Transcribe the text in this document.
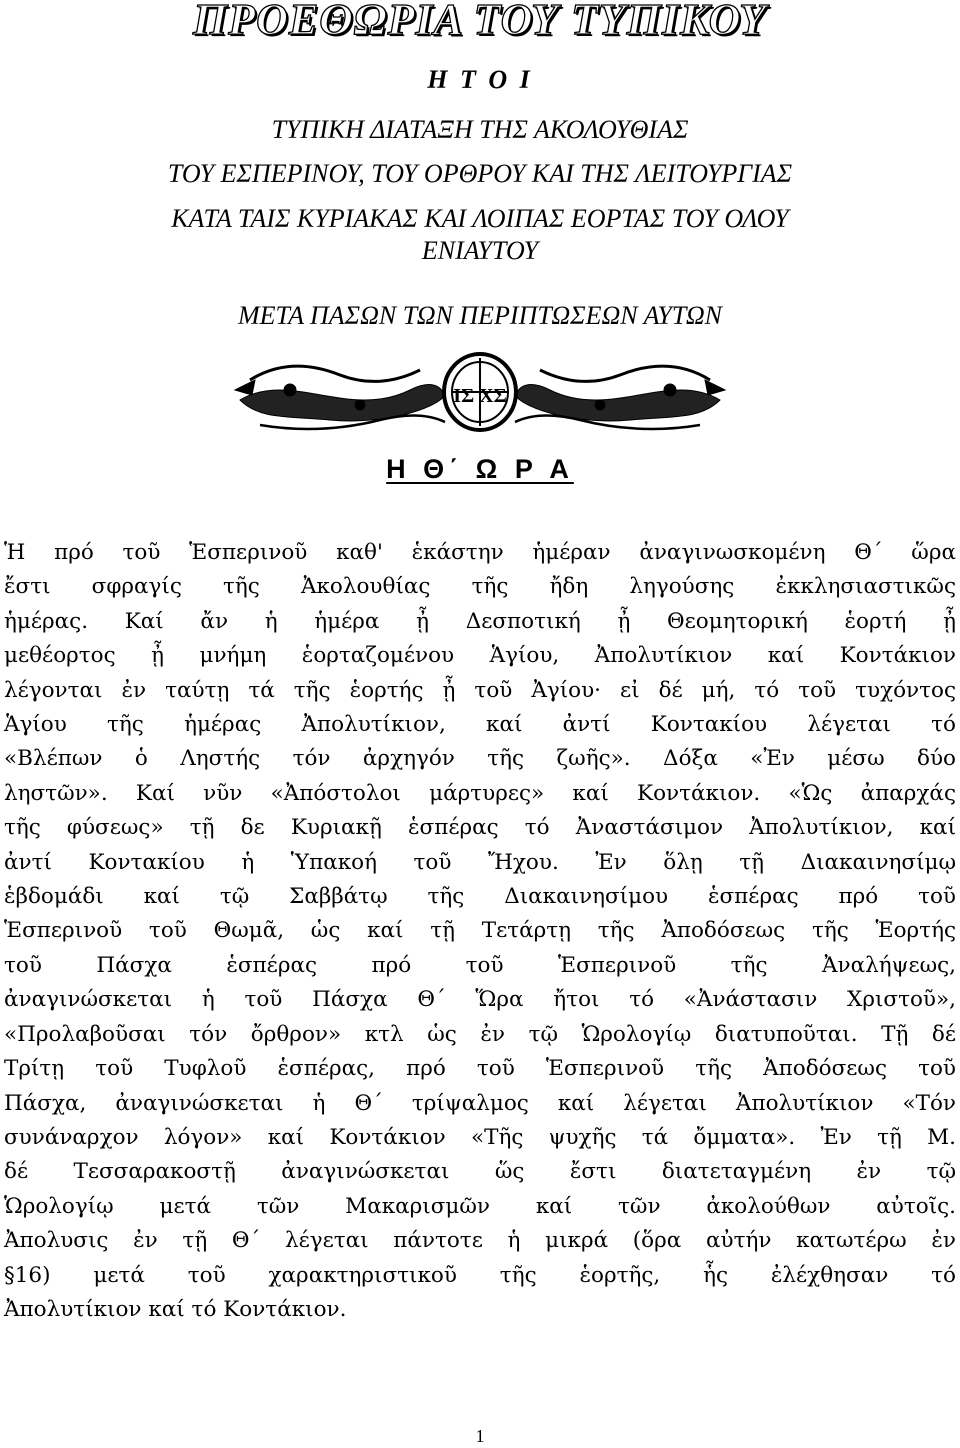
ΠΡΟΕΘΩΡΙΑ ΤΟΥ ΤΥΠΙΚΟΥ

Η Τ Ο Ι

ΤΥΠΙΚΗ ΔΙΑΤΑΞΗ ΤΗΣ ΑΚΟΛΟΥΘΙΑΣ

ΤΟΥ ΕΣΠΕΡΙΝΟΥ, ΤΟΥ ΟΡΘΡΟΥ ΚΑΙ ΤΗΣ ΛΕΙΤΟΥΡΓΙΑΣ

ΚΑΤΑ ΤΑΙΣ ΚΥΡΙΑΚΑΣ ΚΑΙ ΛΟΙΠΑΣ ΕΟΡΤΑΣ ΤΟΥ ΟΛΟΥ

ΕΝΙΑΥΤΟΥ

ΜΕΤΑ ΠΑΣΩΝ ΤΩΝ ΠΕΡΙΠΤΩΣΕΩΝ ΑΥΤΩΝ

ΙΣ ΧΣ
Η Θ΄ Ω Ρ Α
Ἡ πρό τοῦ Ἑσπερινοῦ καθ' ἑκάστην ἡμέραν ἀναγινωσκομένη Θ΄ ὥρα
ἔστι σφραγίς τῆς Ἀκολουθίας τῆς ἤδη ληγούσης ἐκκλησιαστικῶς
ἡμέρας. Καί ἄν ἡ ἡμέρα ᾖ Δεσποτική ᾖ Θεομητορική ἑορτή ᾖ
μεθέορτος ᾖ μνήμη ἑορταζομένου Ἁγίου, Ἀπολυτίκιον καί Κοντάκιον
λέγονται ἐν ταύτῃ τά τῆς ἑορτής ᾖ τοῦ Ἀγίου· εἰ δέ μή, τό τοῦ τυχόντος
Ἁγίου τῆς ἡμέρας Ἀπολυτίκιον, καί ἀντί Κοντακίου λέγεται τό
«Βλέπων ὁ Ληστής τόν ἀρχηγόν τῆς ζωῆς». Δόξα «Ἐν μέσω δύο
ληστῶν». Καί νῦν «Ἀπόστολοι μάρτυρες» καί Κοντάκιον. «Ὡς ἀπαρχάς
τῆς φύσεως» τῇ δε Κυριακῇ ἑσπέρας τό Ἀναστάσιμον Ἀπολυτίκιον, καί
ἀντί Κοντακίου ἡ Ὑπακοή τοῦ Ἤχου. Ἐν ὅλῃ τῇ Διακαινησίμῳ
ἑβδομάδι καί τῷ Σαββάτῳ τῆς Διακαινησίμου ἑσπέρας πρό τοῦ
Ἑσπερινοῦ τοῦ Θωμᾶ, ὡς καί τῇ Τετάρτῃ τῆς Ἀποδόσεως τῆς Ἑορτής
τοῦ Πάσχα ἑσπέρας πρό τοῦ Ἑσπερινοῦ τῆς Ἀναλήψεως,
ἀναγινώσκεται ἡ τοῦ Πάσχα Θ΄ Ὥρα ἤτοι τό «Ἀνάστασιν Χριστοῦ»,
«Προλαβοῦσαι τόν ὄρθρον» κτλ ὡς ἐν τῷ Ὡρολογίῳ διατυποῦται. Τῇ δέ
Τρίτῃ τοῦ Τυφλοῦ ἑσπέρας, πρό τοῦ Ἑσπερινοῦ τῆς Ἀποδόσεως τοῦ
Πάσχα, ἀναγινώσκεται ἡ Θ΄ τρίψαλμος καί λέγεται Ἀπολυτίκιον «Τόν
συνάναρχον λόγον» καί Κοντάκιον «Τῆς ψυχῆς τά ὄμματα». Ἐν τῇ Μ.
δέ Τεσσαρακοστῇ ἀναγινώσκεται ὥς ἔστι διατεταγμένη ἐν τῷ
Ὡρολογίῳ μετά τῶν Μακαρισμῶν καί τῶν ἀκολούθων αὐτοῖς.
Ἀπολυσις ἐν τῇ Θ΄ λέγεται πάντοτε ἡ μικρά (ὅρα αὐτήν κατωτέρω ἐν
§16) μετά τοῦ χαρακτηριστικοῦ τῆς ἑορτῆς, ἧς ἐλέχθησαν τό
Ἀπολυτίκιον καί τό Κοντάκιον.
1
